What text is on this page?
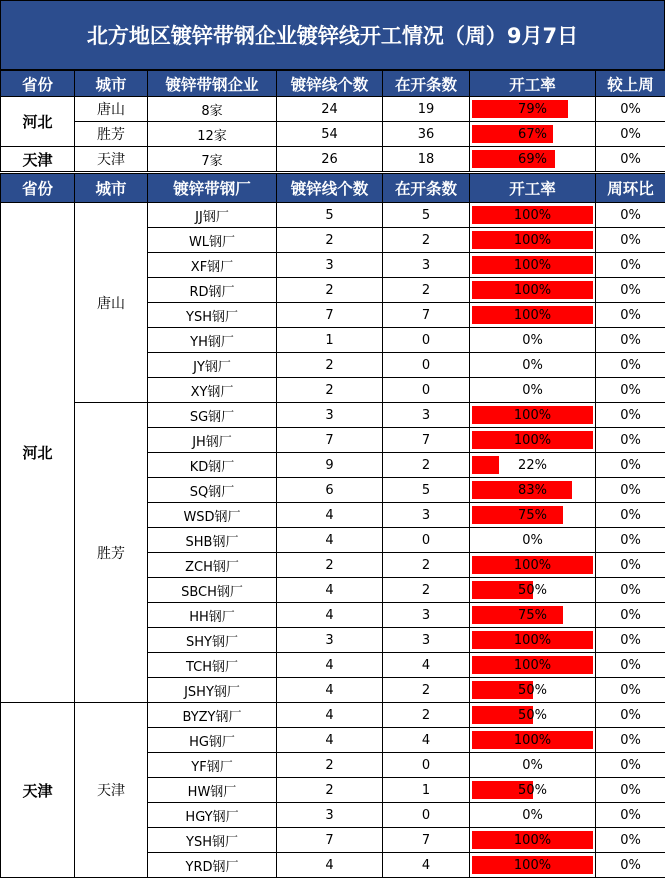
北方地区镀锌带钢企业镀锌线开工情况（周）9月7日
省份	城市	镀锌带钢企业	镀锌线个数	在开条数	开工率	较上周
河北	唐山	8家	24	19	79%	0%
	胜芳	12家	54	36	67%	0%
天津	天津	7家	26	18	69%	0%
省份	城市	镀锌带钢厂	镀锌线个数	在开条数	开工率	周环比
河北	唐山	JJ钢厂	5	5	100%	0%
		WL钢厂	2	2	100%	0%
		XF钢厂	3	3	100%	0%
		RD钢厂	2	2	100%	0%
		YSH钢厂	7	7	100%	0%
		YH钢厂	1	0	0%	0%
		JY钢厂	2	0	0%	0%
		XY钢厂	2	0	0%	0%
	胜芳	SG钢厂	3	3	100%	0%
		JH钢厂	7	7	100%	0%
		KD钢厂	9	2	22%	0%
		SQ钢厂	6	5	83%	0%
		WSD钢厂	4	3	75%	0%
		SHB钢厂	4	0	0%	0%
		ZCH钢厂	2	2	100%	0%
		SBCH钢厂	4	2	50%	0%
		HH钢厂	4	3	75%	0%
		SHY钢厂	3	3	100%	0%
		TCH钢厂	4	4	100%	0%
		JSHY钢厂	4	2	50%	0%
天津	天津	BYZY钢厂	4	2	50%	0%
		HG钢厂	4	4	100%	0%
		YF钢厂	2	0	0%	0%
		HW钢厂	2	1	50%	0%
		HGY钢厂	3	0	0%	0%
		YSH钢厂	7	7	100%	0%
		YRD钢厂	4	4	100%	0%
